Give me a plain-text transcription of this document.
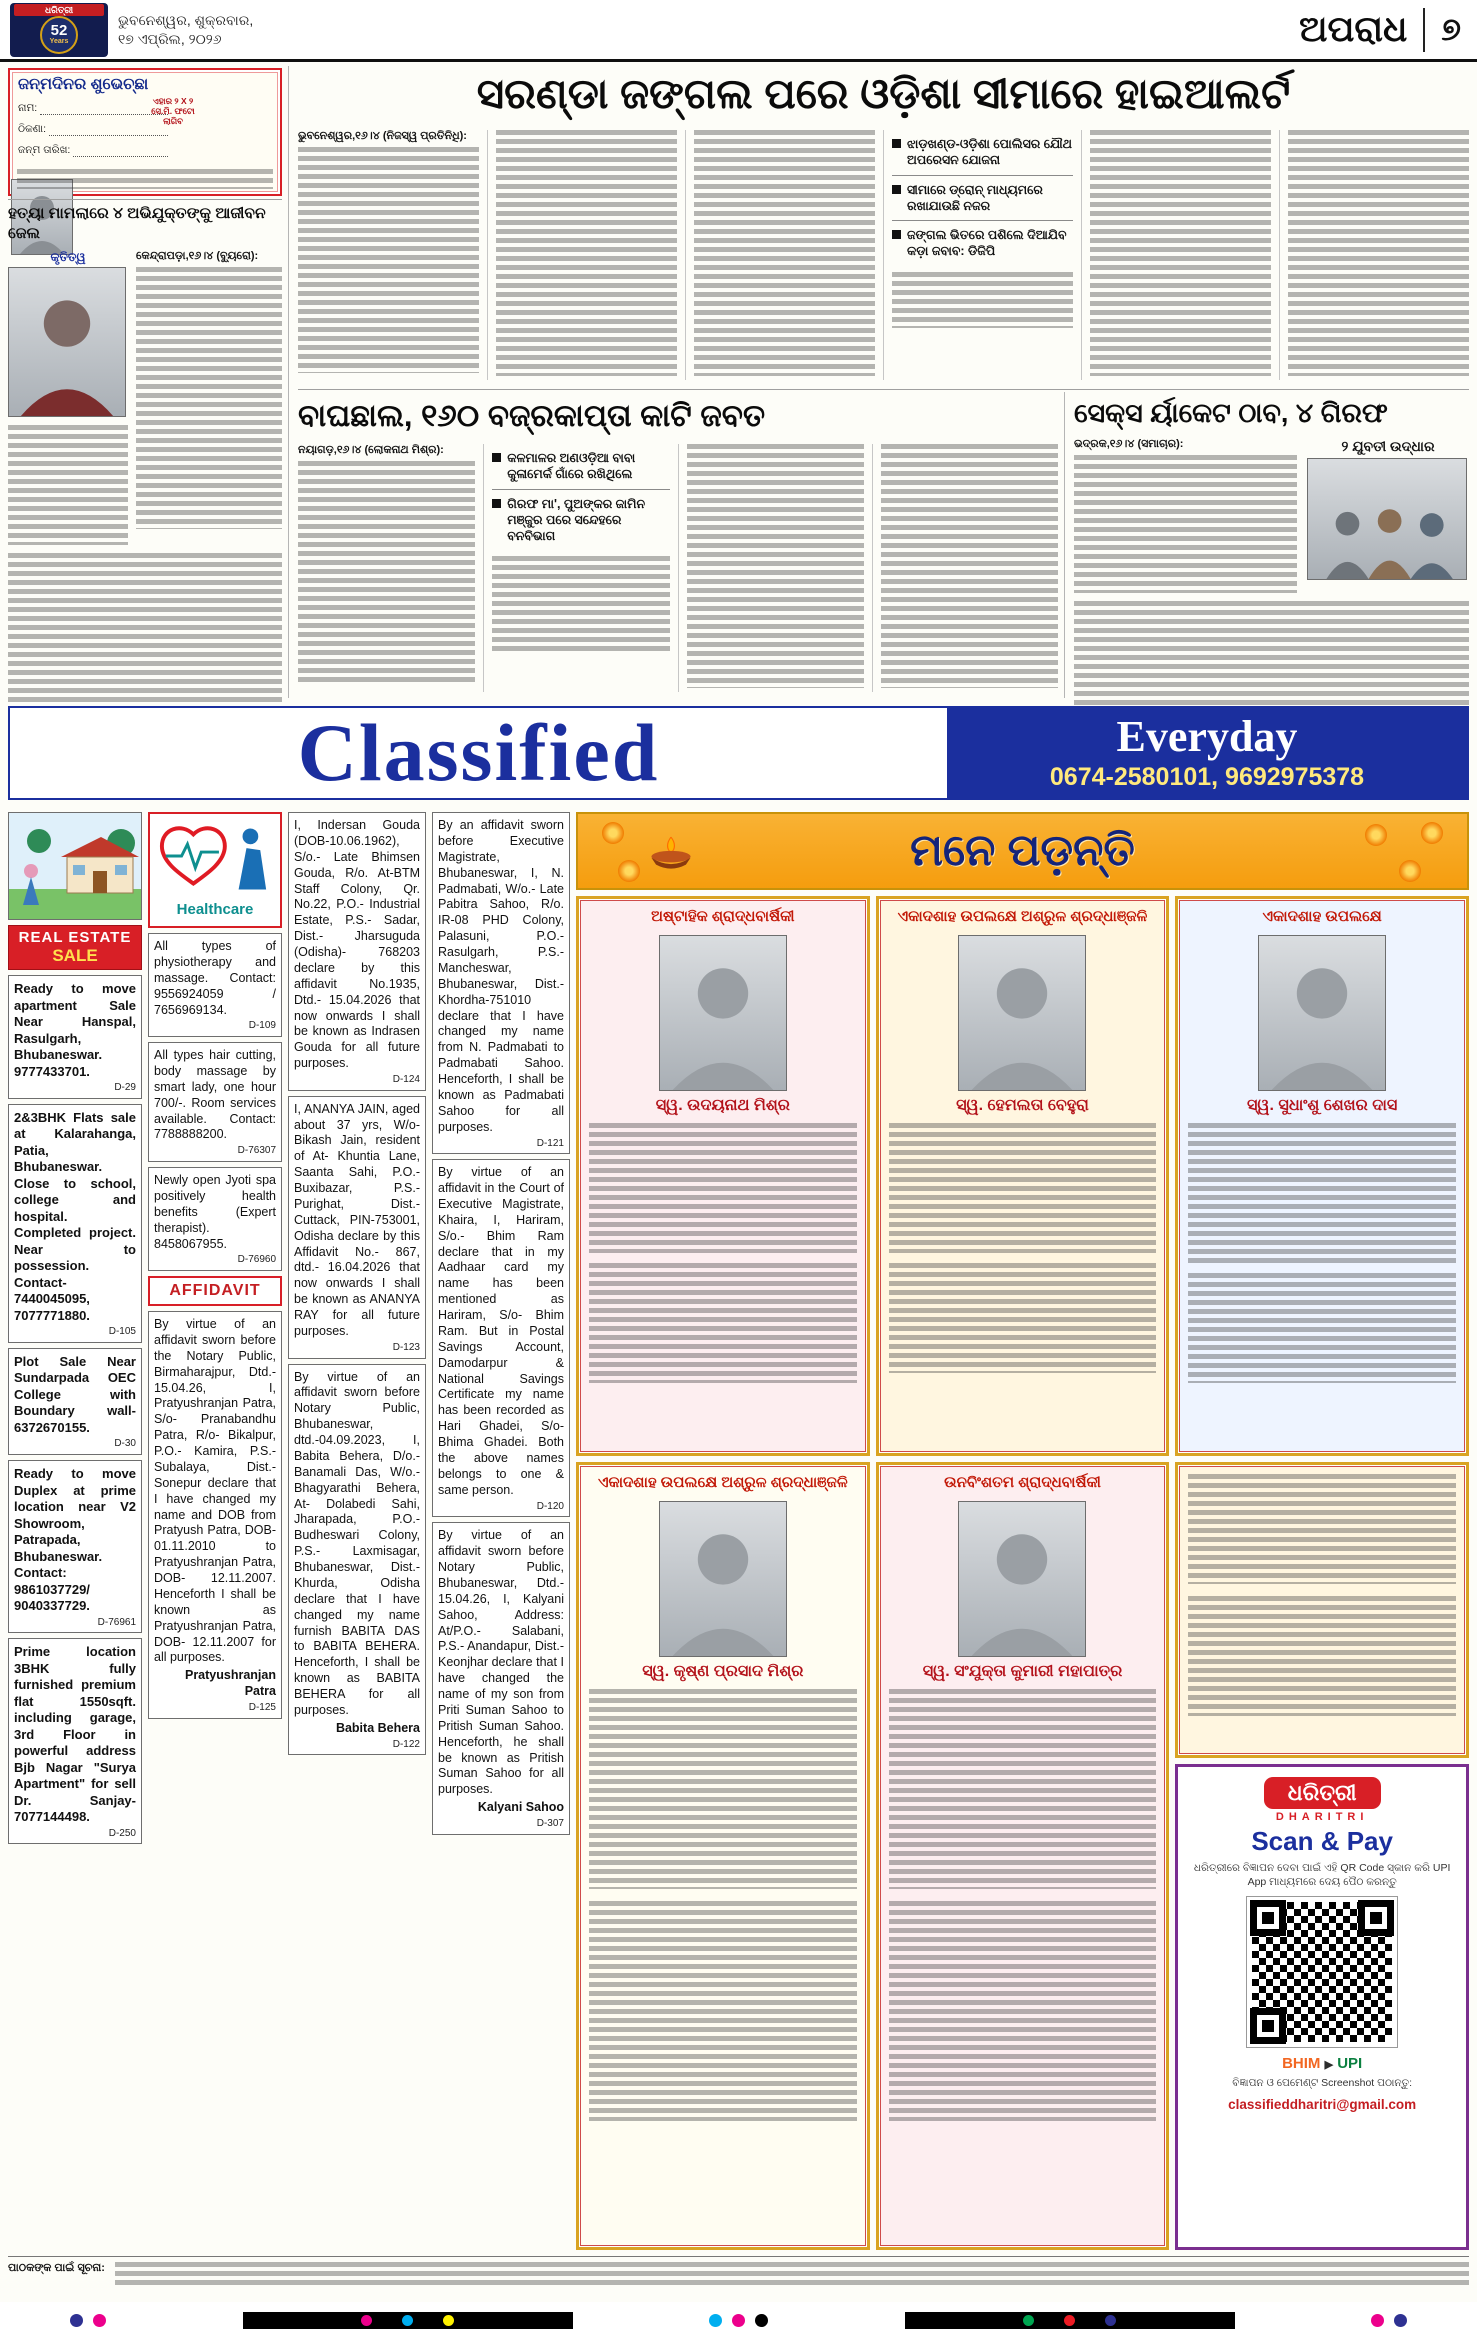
ଧରିତ୍ରୀ
52
Years
ଭୁବନେଶ୍ୱର, ଶୁକ୍ରବାର,
୧୭ ଏପ୍ରିଲ, ୨୦୨୬	ଅପରାଧ ୭
ଜନ୍ମଦିନର ଶୁଭେଚ୍ଛା
ନାମ:
ଠିକଣା:
ଜନ୍ମ ତାରିଖ:
ଏହାର ୨ X ୨
ସେ.ମି. ଫଟୋ
ଲାଗିବ
ହତ୍ୟା ମାମଲାରେ ୪ ଅଭିଯୁକ୍ତଙ୍କୁ ଆଜୀବନ ଜେଲ
କୃତିତ୍ୱ	କେନ୍ଦ୍ରାପଡ଼ା,୧୬।୪ (ବ୍ୟୁରୋ):
ସରଣ୍ଡା ଜଙ୍ଗଲ ପରେ ଓଡ଼ିଶା ସୀମାରେ ହାଇଆଲର୍ଟ
ଭୁବନେଶ୍ୱର,୧୬।୪ (ନିଜସ୍ୱ ପ୍ରତିନିଧି):
ଝାଡ଼ଖଣ୍ଡ-ଓଡ଼ିଶା ପୋଲିସର ଯୌଥ ଅପରେସନ ଯୋଜନା
ସୀମାରେ ଡ୍ରୋନ୍ ମାଧ୍ୟମରେ ରଖାଯାଉଛି ନଜର
ଜଙ୍ଗଲ ଭିତରେ ପଶିଲେ ଦିଆଯିବ କଡ଼ା ଜବାବ: ଡିଜିପି
ବାଘଛାଲ, ୧୬୦ ବଜ୍ରକାପ୍ତା କାଟି ଜବତ
ନୟାଗଡ଼,୧୬।୪ (ଲୋକନାଥ ମିଶ୍ର):
କଳମାଳର ଅଣଓଡ଼ିଆ ବାବା କୁଳାମେର୍କ ଗାଁରେ ରଖିଥିଲେ
ଗିରଫ ମା', ପୁଅଙ୍କର ଜାମିନ ମଞ୍ଜୁର ପରେ ସନ୍ଦେହରେ ବନବିଭାଗ
ସେକ୍ସ ର୍ୟାକେଟ ଠାବ, ୪ ଗିରଫ
ଭଦ୍ରକ,୧୬।୪ (ସମାଚାର):	୨ ଯୁବତୀ ଉଦ୍ଧାର
Classified	Everyday
0674-2580101, 9692975378
REAL ESTATE
SALE
Ready to move apartment Sale Near Hanspal, Rasulgarh, Bhubaneswar. 9777433701.
D-29
2&3BHK Flats sale at Kalarahanga, Patia, Bhubaneswar. Close to school, college and hospital. Completed project. Near to possession. Contact- 7440045095, 7077771880.
D-105
Plot Sale Near Sundarpada OEC College with Boundary wall- 6372670155.
D-30
Ready to move Duplex at prime location near V2 Showroom, Patrapada, Bhubaneswar. Contact: 9861037729/ 9040337729.
D-76961
Prime location 3BHK fully furnished premium flat 1550sqft. including garage, 3rd Floor in powerful address Bjb Nagar "Surya Apartment" for sell Dr. Sanjay- 7077144498.
D-250
Healthcare
All types of physiotherapy and massage. Contact: 9556924059 / 7656969134.
D-109
All types hair cutting, body massage by smart lady, one hour 700/-. Room services available. Contact: 7788888200.
D-76307
Newly open Jyoti spa positively health benefits (Expert therapist). 8458067955.
D-76960
AFFIDAVIT
By virtue of an affidavit sworn before the Notary Public, Birmaharajpur, Dtd.- 15.04.26, I, Pratyushranjan Patra, S/o- Pranabandhu Patra, R/o- Bikalpur, P.O.- Kamira, P.S.- Subalaya, Dist.- Sonepur declare that I have changed my name and DOB from Pratyush Patra, DOB- 01.11.2010 to Pratyushranjan Patra, DOB- 12.11.2007. Henceforth I shall be known as Pratyushranjan Patra, DOB- 12.11.2007 for all purposes.
Pratyushranjan Patra
D-125
I, Indersan Gouda (DOB-10.06.1962), S/o.- Late Bhimsen Gouda, R/o. At-BTM Staff Colony, Qr. No.22, P.O.- Industrial Estate, P.S.- Sadar, Dist.- Jharsuguda (Odisha)- 768203 declare by this affidavit No.1935, Dtd.- 15.04.2026 that now onwards I shall be known as Indrasen Gouda for all future purposes.
D-124
I, ANANYA JAIN, aged about 37 yrs, W/o- Bikash Jain, resident of At- Khuntia Lane, Saanta Sahi, P.O.- Buxibazar, P.S.- Purighat, Dist.- Cuttack, PIN-753001, Odisha declare by this Affidavit No.- 867, dtd.- 16.04.2026 that now onwards I shall be known as ANANYA RAY for all future purposes.
D-123
By virtue of an affidavit sworn before Notary Public, Bhubaneswar, dtd.-04.09.2023, I, Babita Behera, D/o.- Banamali Das, W/o.- Bhagyarathi Behera, At- Dolabedi Sahi, Jharapada, P.O.- Budheswari Colony, P.S.- Laxmisagar, Bhubaneswar, Dist.- Khurda, Odisha declare that I have changed my name furnish BABITA DAS to BABITA BEHERA. Henceforth, I shall be known as BABITA BEHERA for all purposes.
Babita Behera
D-122
By an affidavit sworn before Executive Magistrate, Bhubaneswar, I, N. Padmabati, W/o.- Late Pabitra Sahoo, R/o. IR-08 PHD Colony, Palasuni, P.O.-Rasulgarh, P.S.- Mancheswar, Bhubaneswar, Dist.- Khordha-751010 declare that I have changed my name from N. Padmabati to Padmabati Sahoo. Henceforth, I shall be known as Padmabati Sahoo for all purposes.
D-121
By virtue of an affidavit in the Court of Executive Magistrate, Khaira, I, Hariram, S/o.- Bhim Ram declare that in my Aadhaar card my name has been mentioned as Hariram, S/o- Bhim Ram. But in Postal Savings Account, Damodarpur & National Savings Certificate my name has been recorded as Hari Ghadei, S/o- Bhima Ghadei. Both the above names belongs to one & same person.
D-120
By virtue of an affidavit sworn before Notary Public, Bhubaneswar, Dtd.- 15.04.26, I, Kalyani Sahoo, Address: At/P.O.- Salabani, P.S.- Anandapur, Dist.- Keonjhar declare that I have changed the name of my son from Priti Suman Sahoo to Pritish Suman Sahoo. Henceforth, he shall be known as Pritish Suman Sahoo for all purposes.
Kalyani Sahoo
D-307
ମନେ ପଡ଼ନ୍ତି
ଅଷ୍ଟାହିକ ଶ୍ରାଦ୍ଧବାର୍ଷିକୀ
ସ୍ୱ. ଉଦୟନାଥ ମିଶ୍ର
ଏକାଦଶାହ ଉପଲକ୍ଷେ ଅଶ୍ରୁଳ ଶ୍ରଦ୍ଧାଞ୍ଜଳି
ସ୍ୱ. ହେମଲତା ବେହୁରା
ଏକାଦଶାହ ଉପଲକ୍ଷେ
ସ୍ୱ. ସୁଧାଂଶୁ ଶେଖର ଦାସ
ଏକାଦଶାହ ଉପଲକ୍ଷେ ଅଶ୍ରୁଳ ଶ୍ରଦ୍ଧାଞ୍ଜଳି
ସ୍ୱ. କୃଷ୍ଣ ପ୍ରସାଦ ମିଶ୍ର
ଉନବିଂଶତମ ଶ୍ରାଦ୍ଧବାର୍ଷିକୀ
ସ୍ୱ. ସଂଯୁକ୍ତା କୁମାରୀ ମହାପାତ୍ର
ଧରିତ୍ରୀ
DHARITRI
Scan & Pay
ଧରିତ୍ରୀରେ ବିଜ୍ଞାପନ ଦେବା ପାଇଁ ଏହି QR Code ସ୍କାନ କରି UPI App ମାଧ୍ୟମରେ ଦେୟ ପୈଠ କରନ୍ତୁ
BHIM ▶ UPI
ବିଜ୍ଞାପନ ଓ ପେମେଣ୍ଟ Screenshot ପଠାନ୍ତୁ:
classifieddharitri@gmail.com
ପାଠକଙ୍କ ପାଇଁ ସୂଚନା:
